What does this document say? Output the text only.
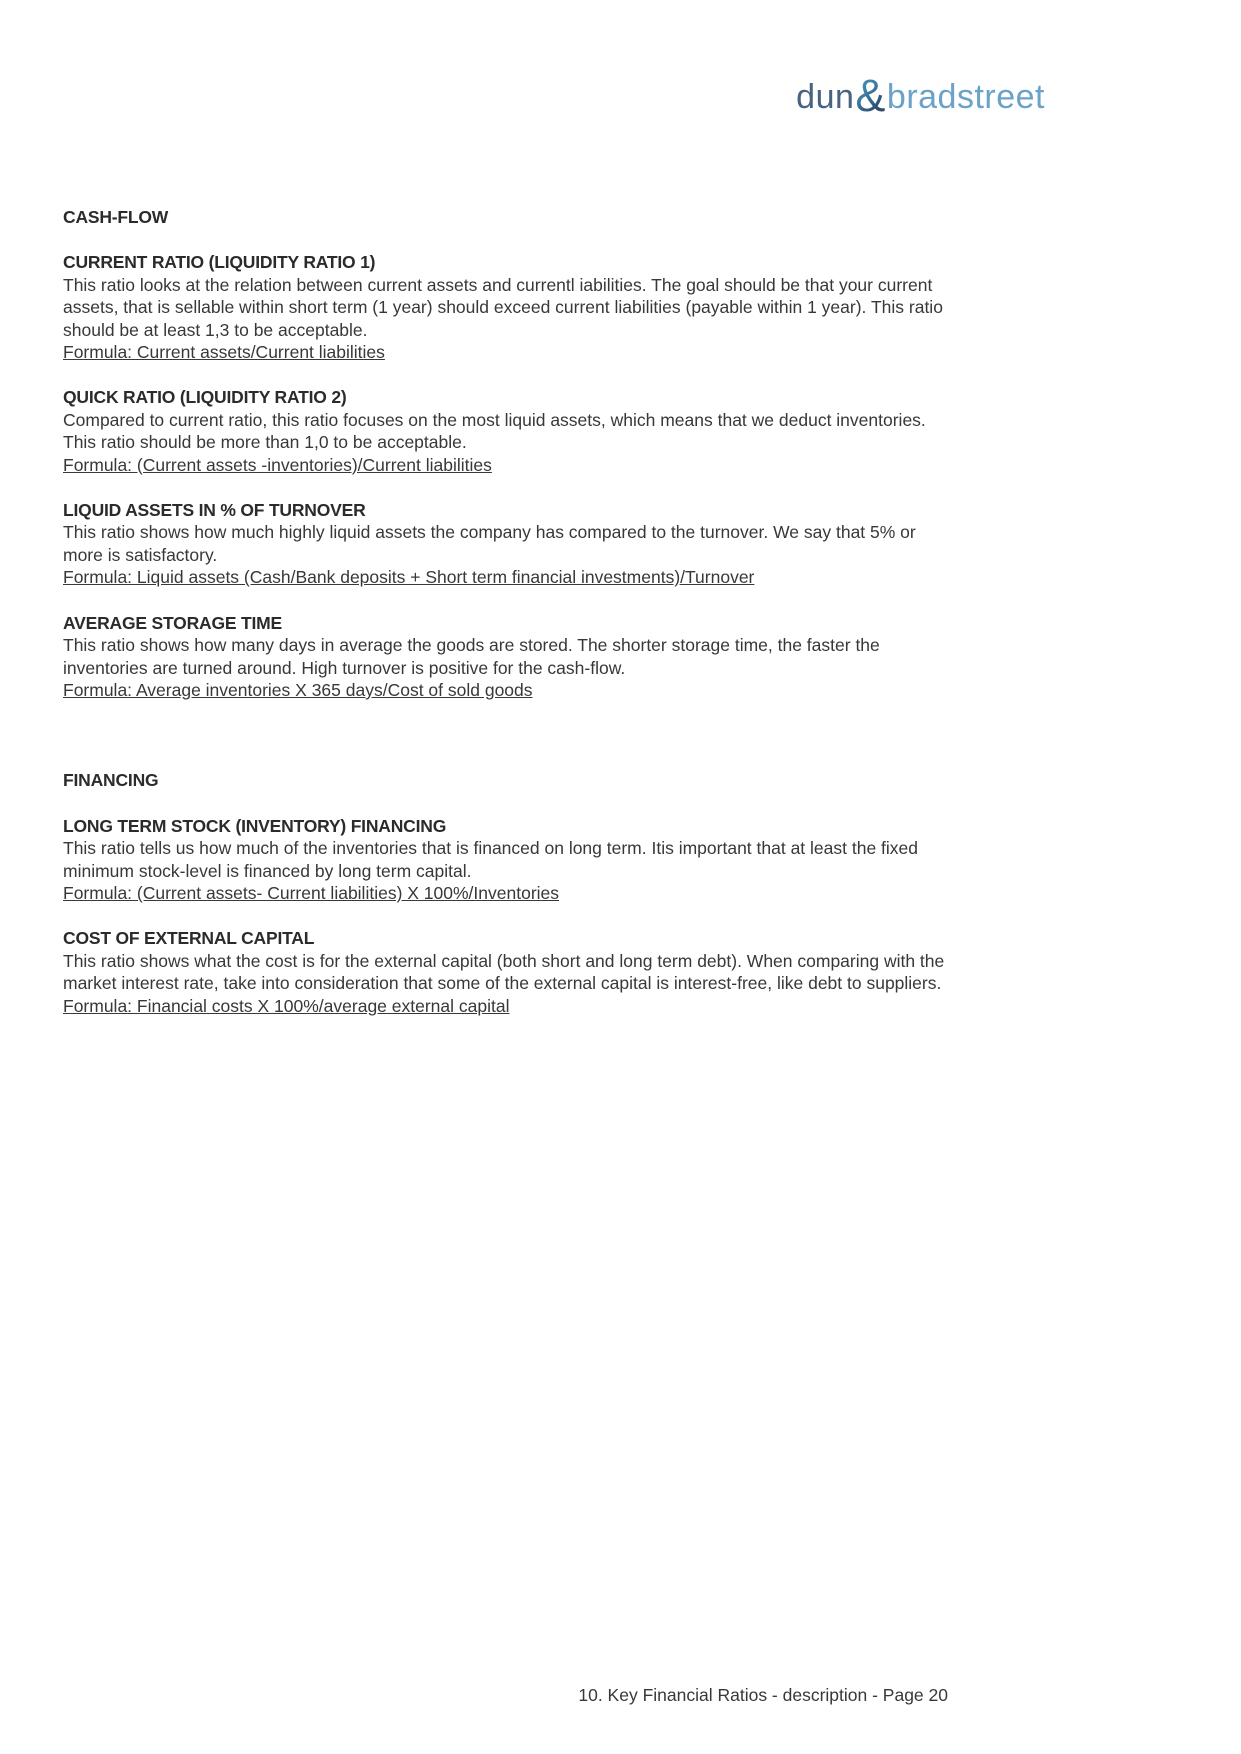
dun & bradstreet

CASH-FLOW

CURRENT RATIO (LIQUIDITY RATIO 1)

This ratio looks at the relation between current assets and currentl iabilities. The goal should be that your current assets, that is sellable within short term (1 year) should exceed current liabilities (payable within 1 year). This ratio should be at least 1,3 to be acceptable.

Formula: Current assets/Current liabilities

QUICK RATIO (LIQUIDITY RATIO 2)

Compared to current ratio, this ratio focuses on the most liquid assets, which means that we deduct inventories. This ratio should be more than 1,0 to be acceptable.

Formula: (Current assets -inventories)/Current liabilities

LIQUID ASSETS IN % OF TURNOVER

This ratio shows how much highly liquid assets the company has compared to the turnover. We say that 5% or more is satisfactory.

Formula: Liquid assets (Cash/Bank deposits + Short term financial investments)/Turnover

AVERAGE STORAGE TIME

This ratio shows how many days in average the goods are stored. The shorter storage time, the faster the inventories are turned around. High turnover is positive for the cash-flow.

Formula: Average inventories X 365 days/Cost of sold goods

FINANCING

LONG TERM STOCK (INVENTORY) FINANCING

This ratio tells us how much of the inventories that is financed on long term. Itis important that at least the fixed minimum stock-level is financed by long term capital.

Formula: (Current assets- Current liabilities) X 100%/Inventories

COST OF EXTERNAL CAPITAL

This ratio shows what the cost is for the external capital (both short and long term debt). When comparing with the market interest rate, take into consideration that some of the external capital is interest-free, like debt to suppliers.

Formula: Financial costs X 100%/average external capital

10. Key Financial Ratios - description - Page 20
